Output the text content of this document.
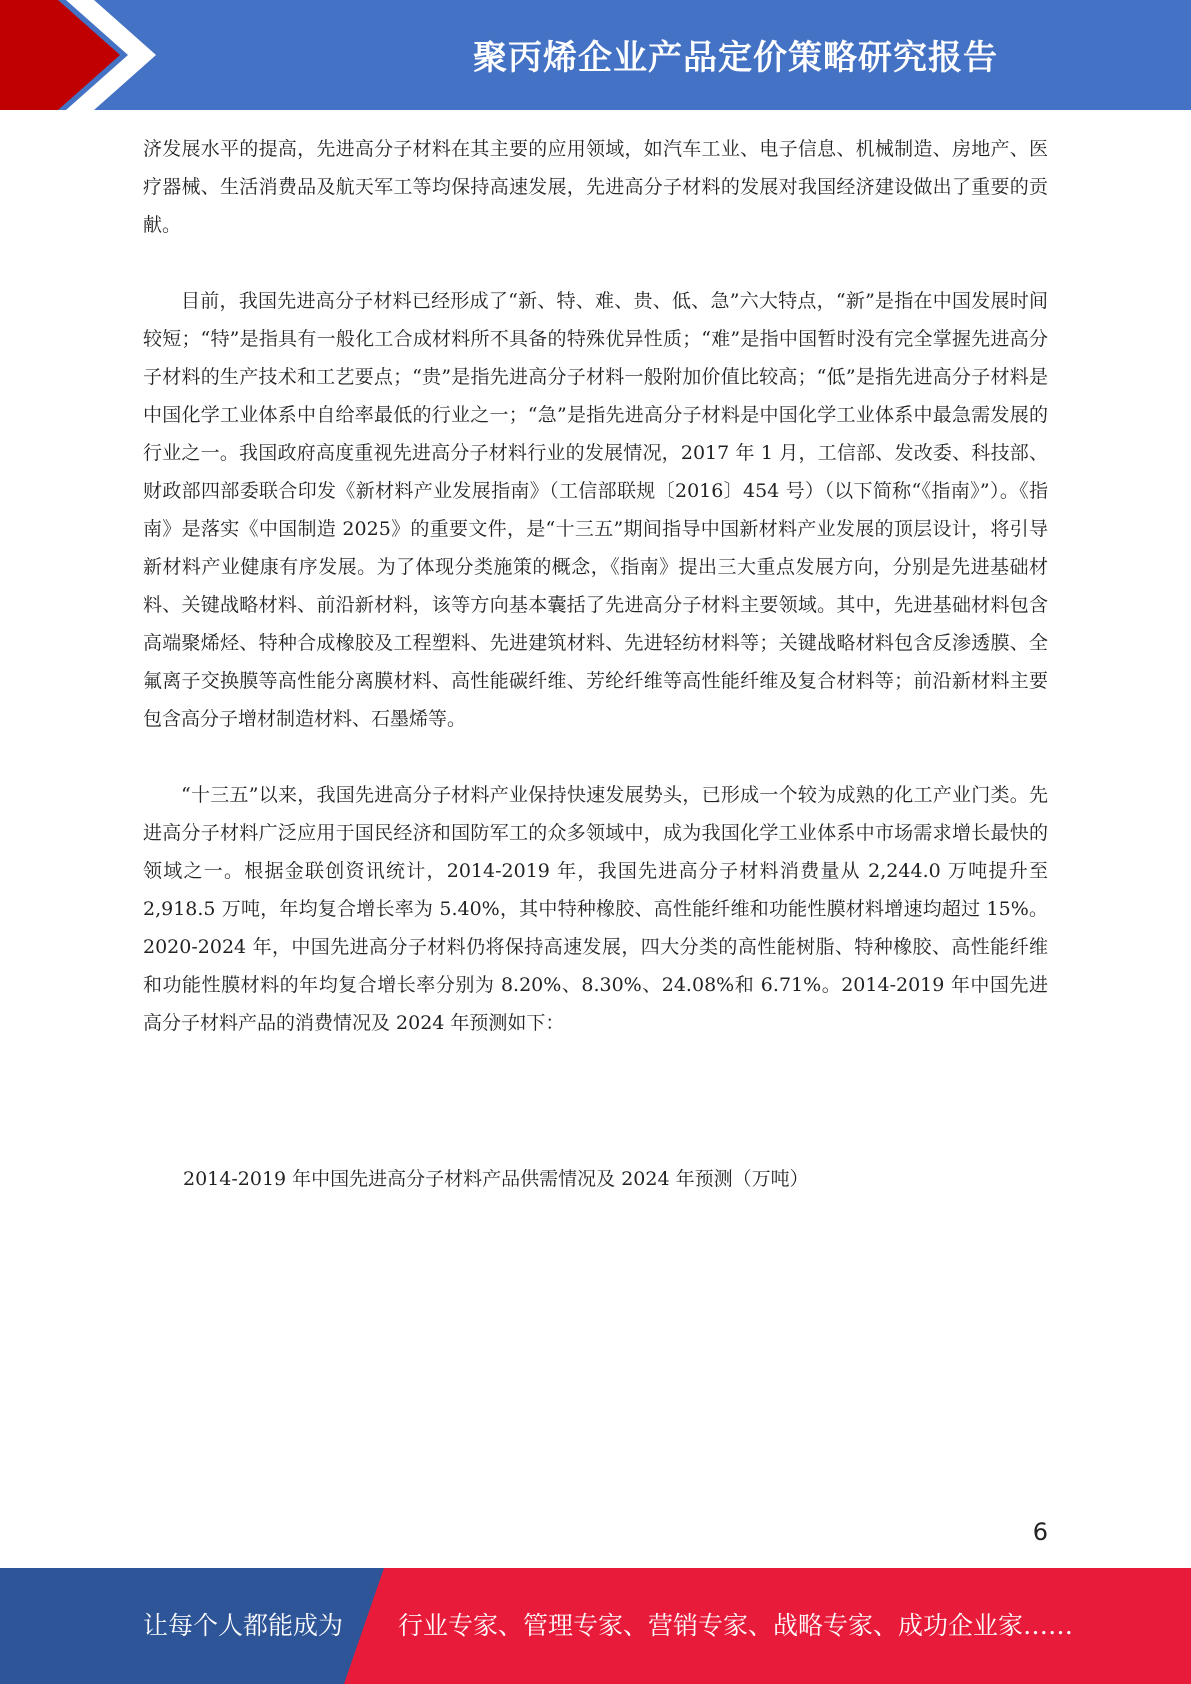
聚丙烯企业产品定价策略研究报告

济发展水平的提高，先进高分子材料在其主要的应用领域，如汽车工业、电子信息、机械制造、房地产、医疗器械、生活消费品及航天军工等均保持高速发展，先进高分子材料的发展对我国经济建设做出了重要的贡献。

目前，我国先进高分子材料已经形成了“新、特、难、贵、低、急”六大特点，“新”是指在中国发展时间较短；“特”是指具有一般化工合成材料所不具备的特殊优异性质；“难”是指中国暂时没有完全掌握先进高分子材料的生产技术和工艺要点；“贵”是指先进高分子材料一般附加价值比较高；“低”是指先进高分子材料是中国化学工业体系中自给率最低的行业之一；“急”是指先进高分子材料是中国化学工业体系中最急需发展的行业之一。我国政府高度重视先进高分子材料行业的发展情况，2017 年 1 月，工信部、发改委、科技部、财政部四部委联合印发《新材料产业发展指南》（工信部联规〔2016〕454 号）（以下简称“《指南》”）。《指南》是落实《中国制造 2025》的重要文件，是“十三五”期间指导中国新材料产业发展的顶层设计，将引导新材料产业健康有序发展。为了体现分类施策的概念，《指南》提出三大重点发展方向，分别是先进基础材料、关键战略材料、前沿新材料，该等方向基本囊括了先进高分子材料主要领域。其中，先进基础材料包含高端聚烯烃、特种合成橡胶及工程塑料、先进建筑材料、先进轻纺材料等；关键战略材料包含反渗透膜、全氟离子交换膜等高性能分离膜材料、高性能碳纤维、芳纶纤维等高性能纤维及复合材料等；前沿新材料主要包含高分子增材制造材料、石墨烯等。

“十三五”以来，我国先进高分子材料产业保持快速发展势头，已形成一个较为成熟的化工产业门类。先进高分子材料广泛应用于国民经济和国防军工的众多领域中，成为我国化学工业体系中市场需求增长最快的领域之一。根据金联创资讯统计，2014-2019 年，我国先进高分子材料消费量从 2,244.0 万吨提升至 2,918.5 万吨，年均复合增长率为 5.40%，其中特种橡胶、高性能纤维和功能性膜材料增速均超过 15%。2020-2024 年，中国先进高分子材料仍将保持高速发展，四大分类的高性能树脂、特种橡胶、高性能纤维和功能性膜材料的年均复合增长率分别为 8.20%、8.30%、24.08%和 6.71%。2014-2019 年中国先进高分子材料产品的消费情况及 2024 年预测如下：

2014-2019 年中国先进高分子材料产品供需情况及 2024 年预测（万吨）
6
让每个人都能成为 行业专家、管理专家、营销专家、战略专家、成功企业家……
